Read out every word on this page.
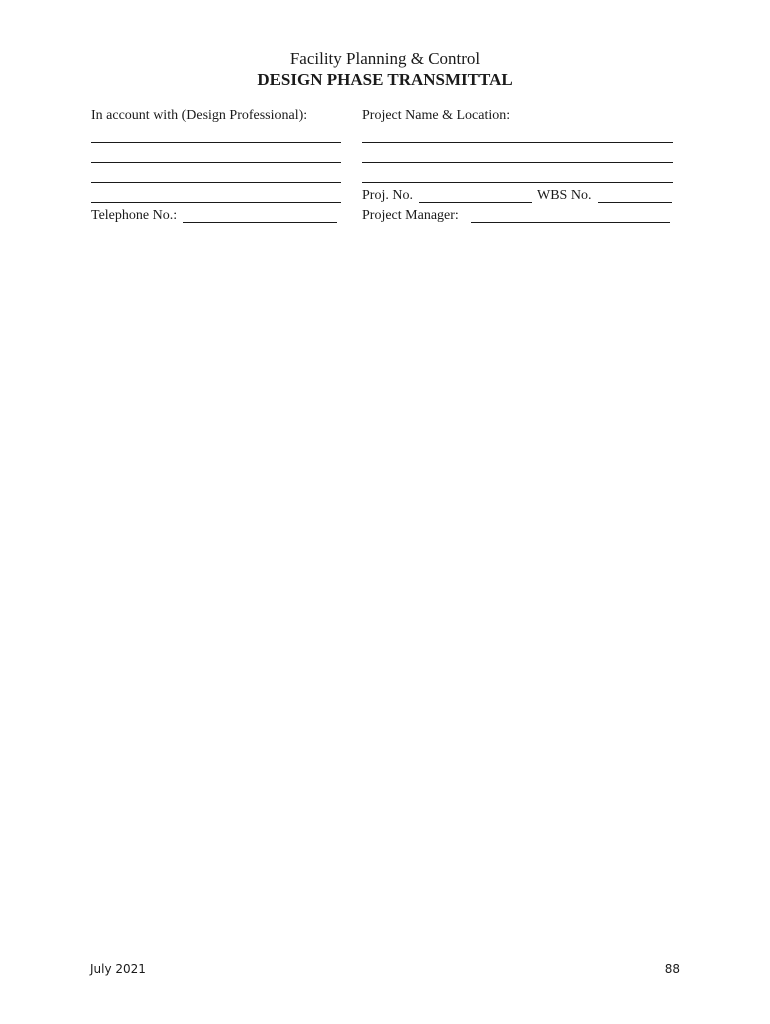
Facility Planning & Control
DESIGN PHASE TRANSMITTAL
In account with (Design Professional):
Telephone No.:
Project Name & Location:
Proj. No.	WBS No.
Project Manager:
July 2021	88
